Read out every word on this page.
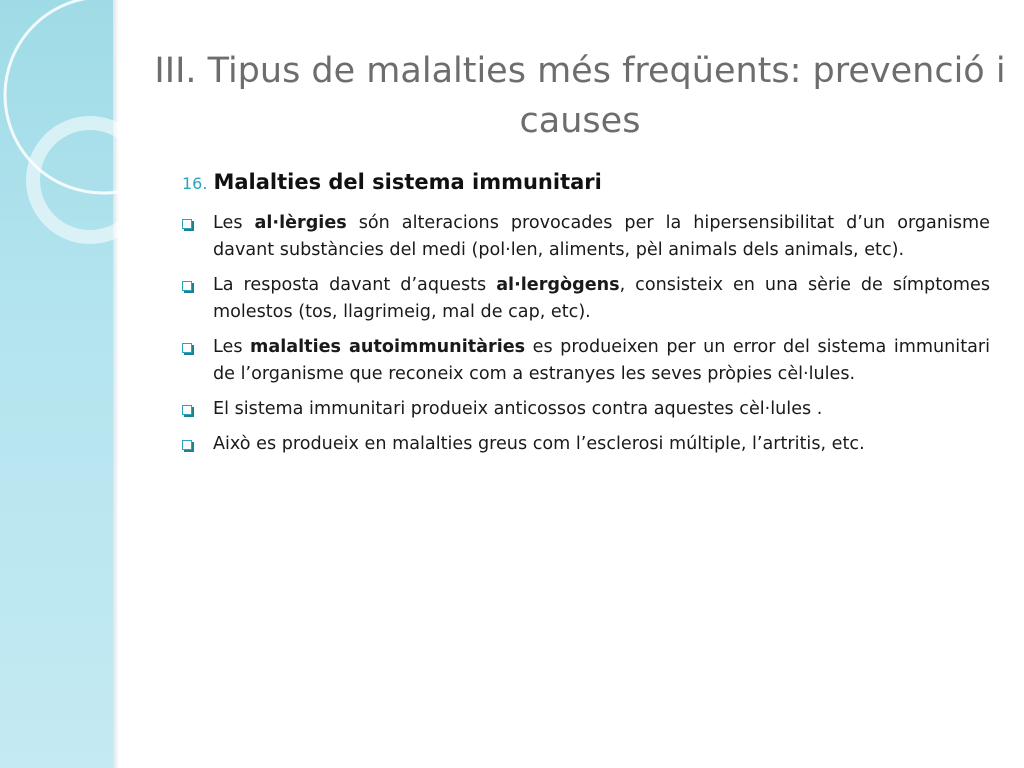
III. Tipus de malalties més freqüents: prevenció i causes
16. Malalties del sistema immunitari
Les al·lèrgies són alteracions provocades per la hipersensibilitat d’un organisme davant substàncies del medi (pol·len, aliments, pèl animals dels animals, etc).
La resposta davant d’aquests al·lergògens, consisteix en una sèrie de símptomes molestos (tos, llagrimeig, mal de cap, etc).
Les malalties autoimmunitàries es produeixen per un error del sistema immunitari de l’organisme que reconeix com a estranyes les seves pròpies cèl·lules.
El sistema immunitari produeix anticossos contra aquestes cèl·lules .
Això es produeix en malalties greus com l’esclerosi múltiple, l’artritis, etc.
